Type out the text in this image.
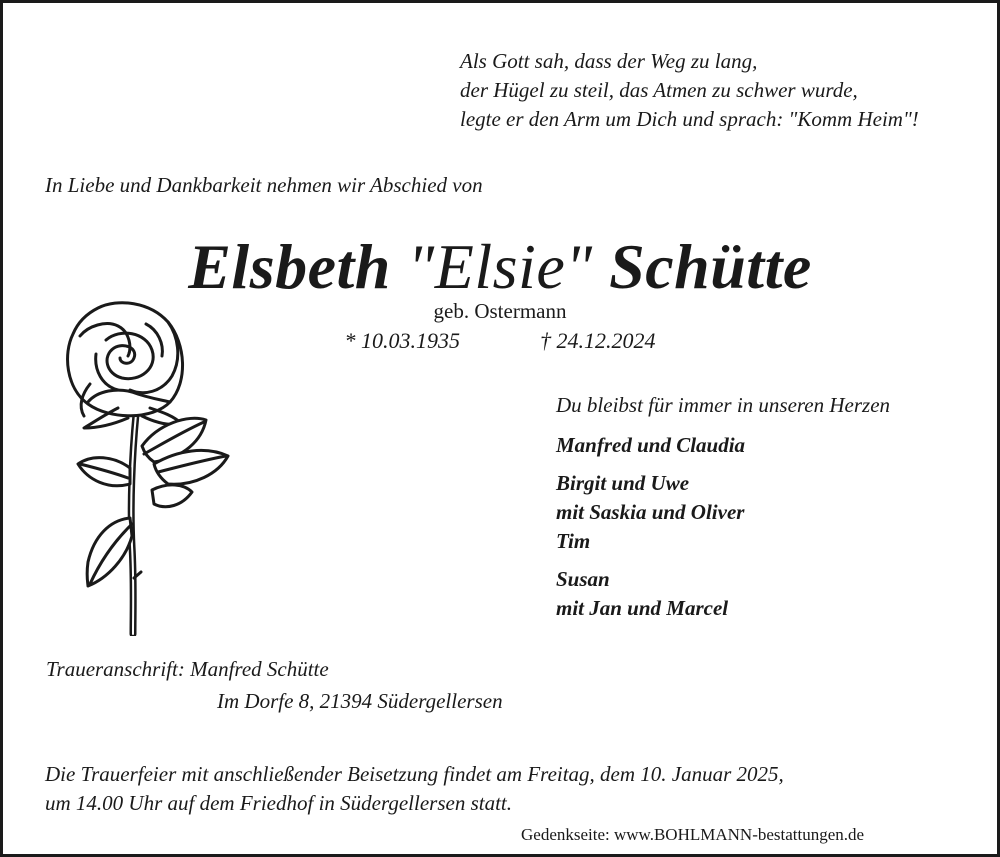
Als Gott sah, dass der Weg zu lang,
der Hügel zu steil, das Atmen zu schwer wurde,
legte er den Arm um Dich und sprach: "Komm Heim"!
In Liebe und Dankbarkeit nehmen wir Abschied von
Elsbeth "Elsie" Schütte
geb. Ostermann
* 10.03.1935	† 24.12.2024
Du bleibst für immer in unseren Herzen
Manfred und Claudia
Birgit und Uwe
mit Saskia und Oliver
Tim
Susan
mit Jan und Marcel
Traueranschrift: Manfred Schütte
Im Dorfe 8, 21394 Südergellersen
Die Trauerfeier mit anschließender Beisetzung findet am Freitag, dem 10. Januar 2025,
um 14.00 Uhr auf dem Friedhof in Südergellersen statt.
Gedenkseite: www.BOHLMANN-bestattungen.de
